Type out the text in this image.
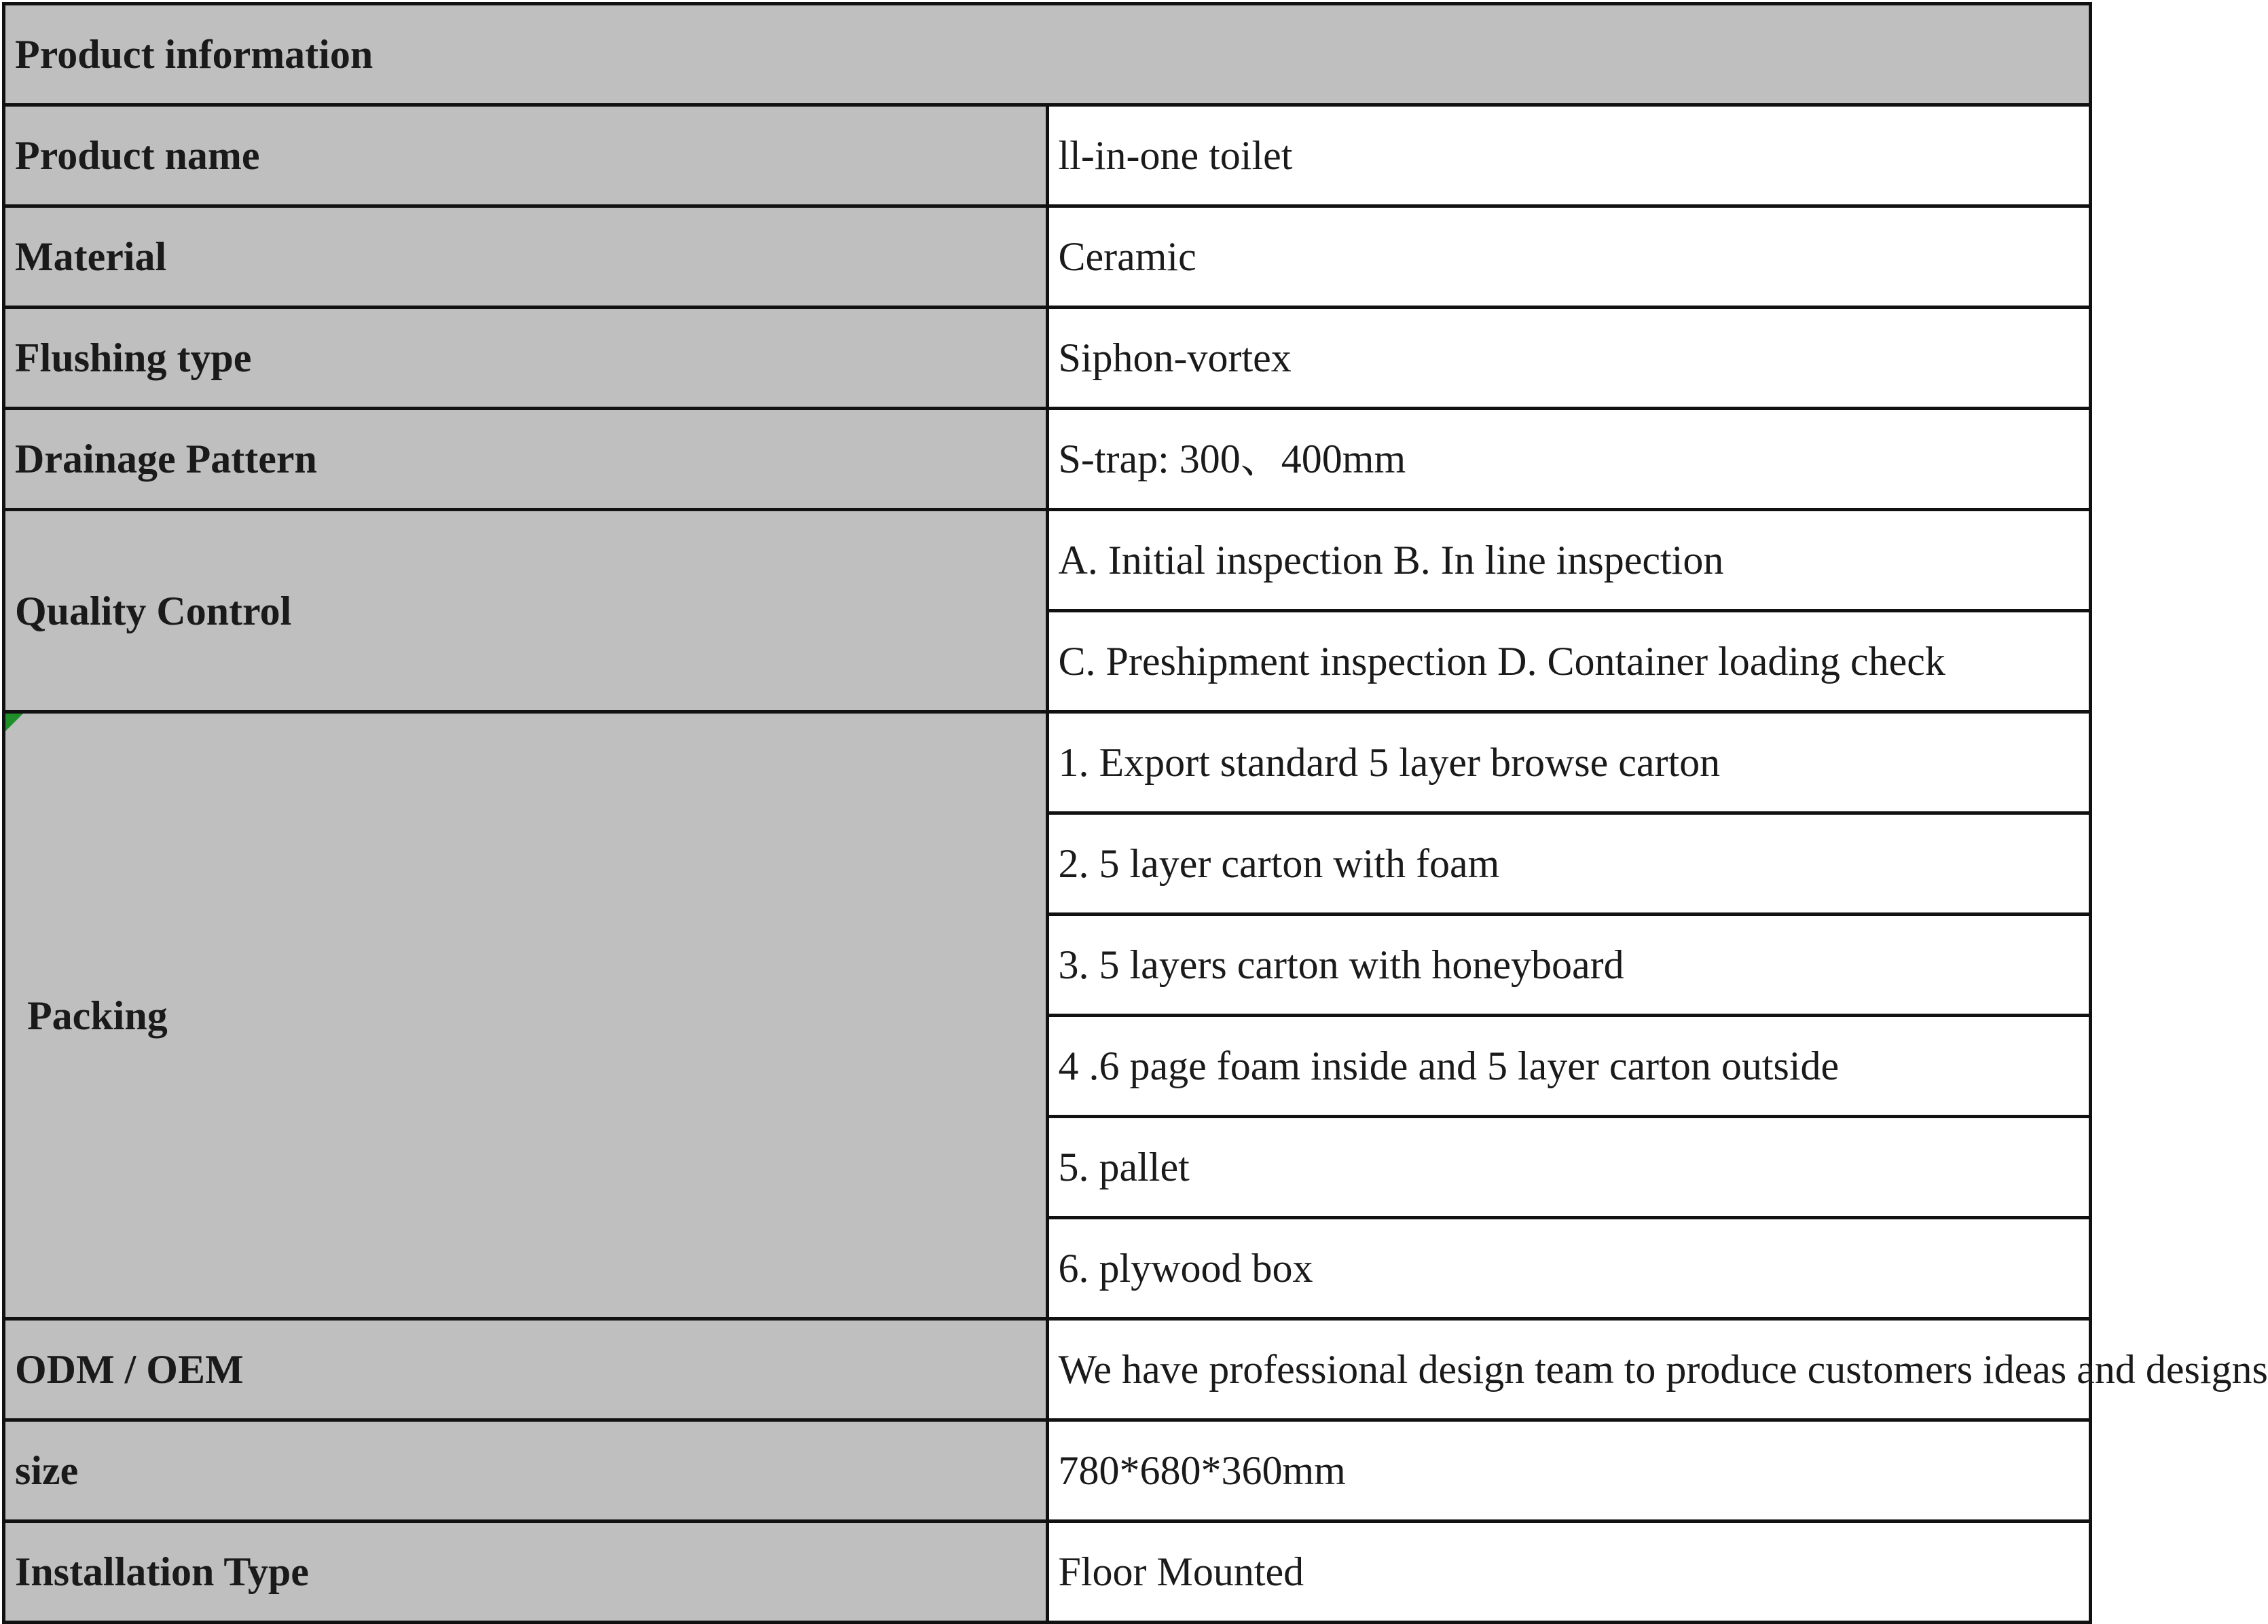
Product information	
Product name	ll-in-one toilet
Material	Ceramic
Flushing type	Siphon-vortex
Drainage Pattern	S-trap: 300、400mm
Quality Control	A. Initial inspection B. In line inspection
	C. Preshipment inspection D. Container loading check

Packing	1. Export standard 5 layer browse carton
	2. 5 layer carton with foam
	3. 5 layers carton with honeyboard
	4 .6 page foam inside and 5 layer carton outside
	5. pallet
	6. plywood box
ODM / OEM	We have professional design team to produce customers ideas and designs
size	780*680*360mm
Installation Type	Floor Mounted
